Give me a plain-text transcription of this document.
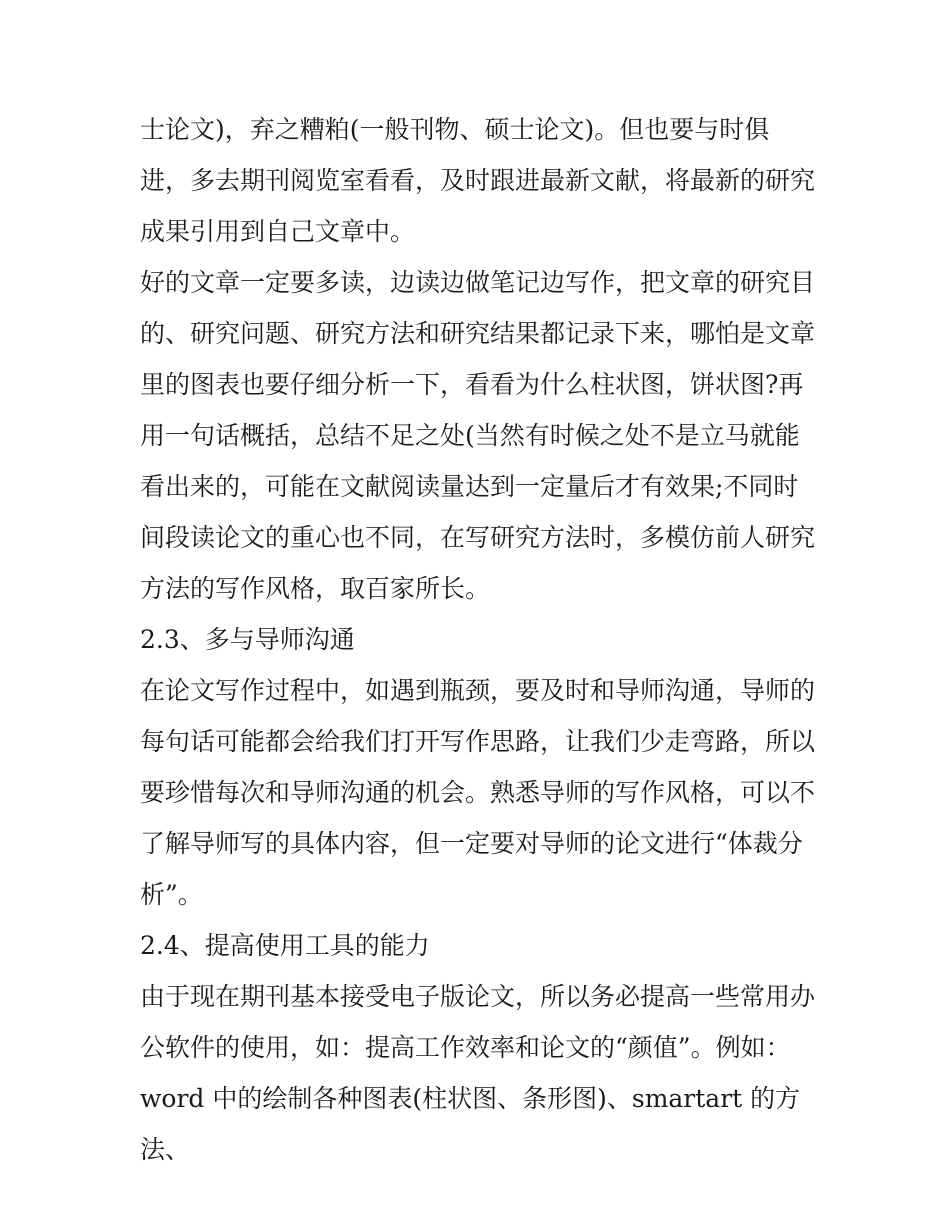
士论文)，弃之糟粕(一般刊物、硕士论文)。但也要与时俱
进，多去期刊阅览室看看，及时跟进最新文献，将最新的研究
成果引用到自己文章中。
好的文章一定要多读，边读边做笔记边写作，把文章的研究目
的、研究问题、研究方法和研究结果都记录下来，哪怕是文章
里的图表也要仔细分析一下，看看为什么柱状图，饼状图?再
用一句话概括，总结不足之处(当然有时候之处不是立马就能
看出来的，可能在文献阅读量达到一定量后才有效果;不同时
间段读论文的重心也不同，在写研究方法时，多模仿前人研究
方法的写作风格，取百家所长。
2.3、多与导师沟通
在论文写作过程中，如遇到瓶颈，要及时和导师沟通，导师的
每句话可能都会给我们打开写作思路，让我们少走弯路，所以
要珍惜每次和导师沟通的机会。熟悉导师的写作风格，可以不
了解导师写的具体内容，但一定要对导师的论文进行“体裁分
析”。
2.4、提高使用工具的能力
由于现在期刊基本接受电子版论文，所以务必提高一些常用办
公软件的使用，如：提高工作效率和论文的“颜值”。例如：
word 中的绘制各种图表(柱状图、条形图)、smartart 的方法、
